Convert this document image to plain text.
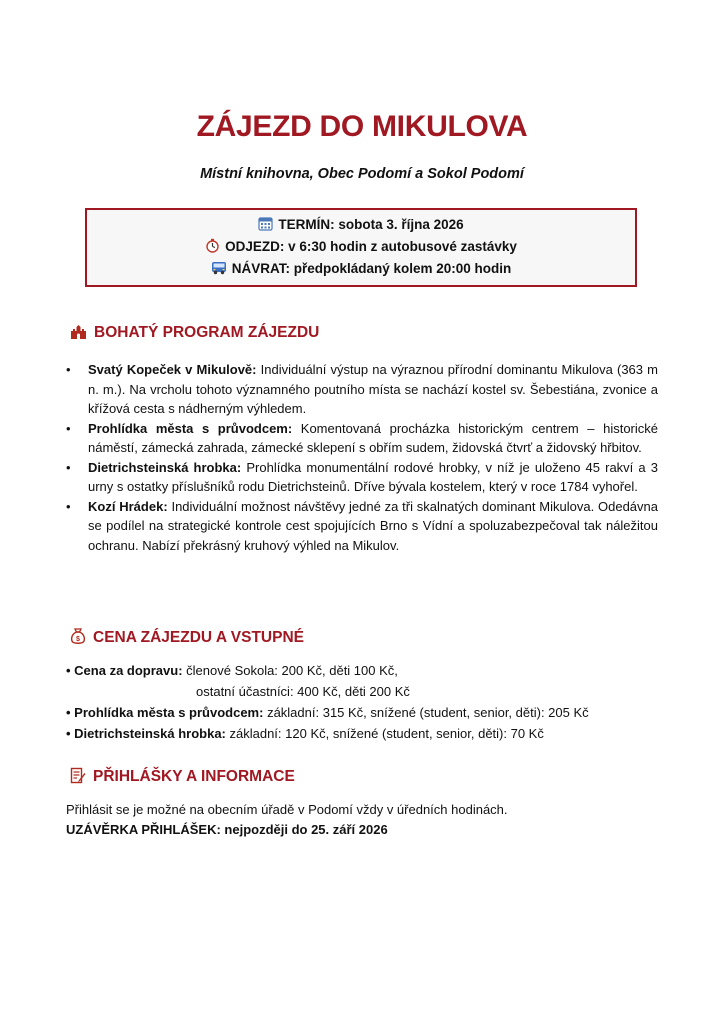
ZÁJEZD DO MIKULOVA
Místní knihovna, Obec Podomí a Sokol Podomí
TERMÍN: sobota 3. října 2026
ODJEZD: v 6:30 hodin z autobusové zastávky
NÁVRAT: předpokládaný kolem 20:00 hodin
BOHATÝ PROGRAM ZÁJEZDU
• Svatý Kopeček v Mikulově: Individuální výstup na výraznou přírodní dominantu Mikulova (363 m n. m.). Na vrcholu tohoto významného poutního místa se nachází kostel sv. Šebestiána, zvonice a křížová cesta s nádherným výhledem.
• Prohlídka města s průvodcem: Komentovaná procházka historickým centrem – historické náměstí, zámecká zahrada, zámecké sklepení s obřím sudem, židovská čtvrť a židovský hřbitov.
• Dietrichsteinská hrobka: Prohlídka monumentální rodové hrobky, v níž je uloženo 45 rakví a 3 urny s ostatky příslušníků rodu Dietrichsteinů. Dříve bývala kostelem, který v roce 1784 vyhořel.
• Kozí Hrádek: Individuální možnost návštěvy jedné za tři skalnatých dominant Mikulova. Odedávna se podílel na strategické kontrole cest spojujících Brno s Vídní a spoluzabezpečoval tak náležitou ochranu. Nabízí překrásný kruhový výhled na Mikulov.
$ CENA ZÁJEZDU A VSTUPNÉ
• Cena za dopravu: členové Sokola: 200 Kč, děti 100 Kč,
ostatní účastníci: 400 Kč, děti 200 Kč
• Prohlídka města s průvodcem: základní: 315 Kč, snížené (student, senior, děti): 205 Kč
• Dietrichsteinská hrobka: základní: 120 Kč, snížené (student, senior, děti): 70 Kč
PŘIHLÁŠKY A INFORMACE
Přihlásit se je možné na obecním úřadě v Podomí vždy v úředních hodinách.
UZÁVĚRKA PŘIHLÁŠEK: nejpozději do 25. září 2026
